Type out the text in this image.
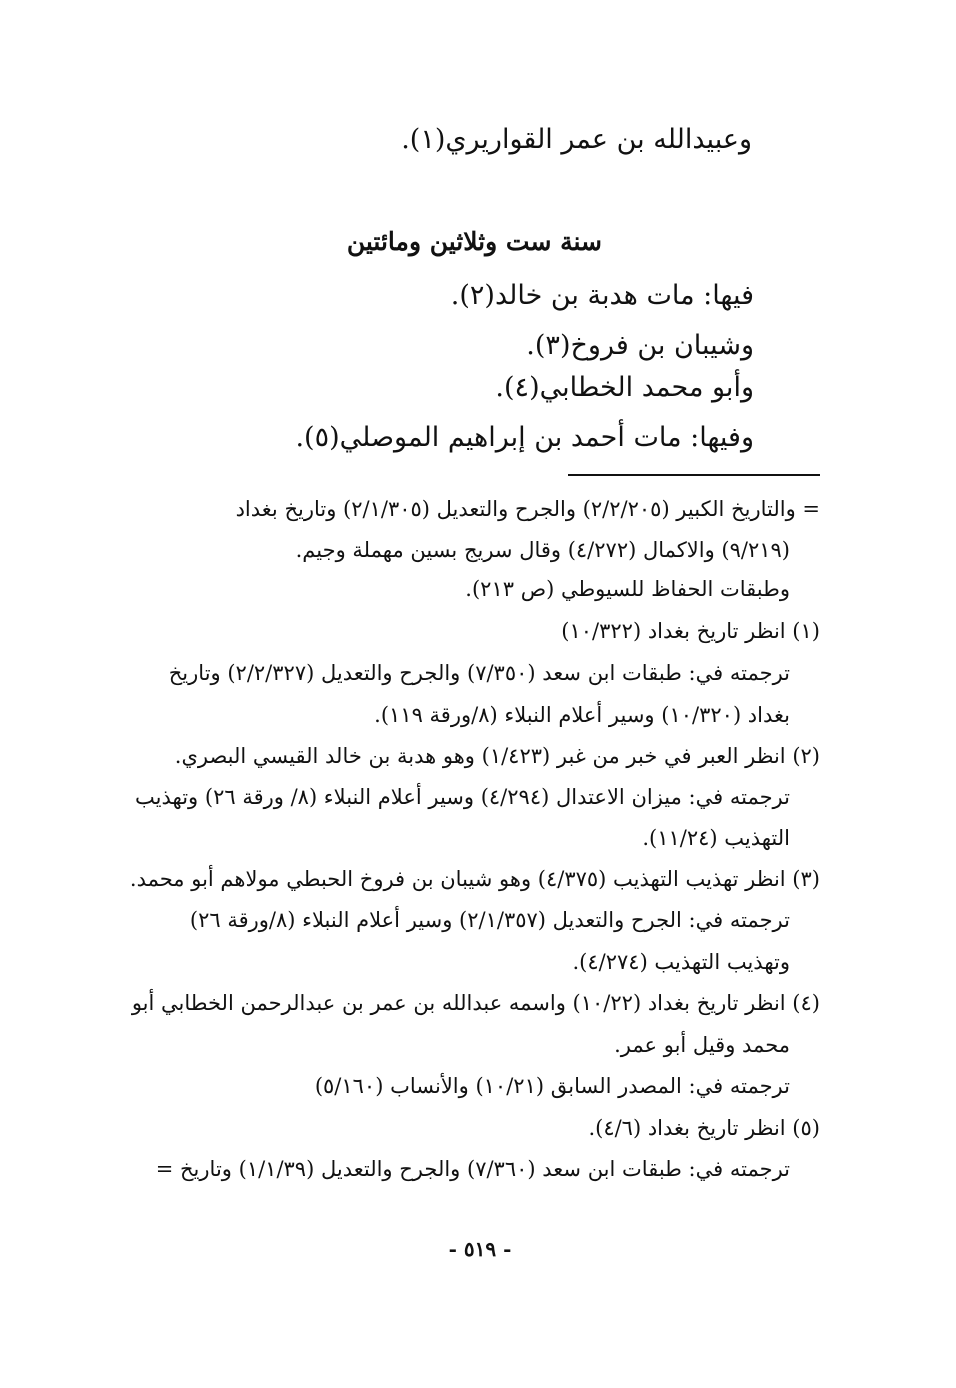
وعبيدالله بن عمر القواريري(١).
سنة ست وثلاثين ومائتين
فيها: مات هدبة بن خالد(٢).
وشيبان بن فروخ(٣).
وأبو محمد الخطابي(٤).
وفيها: مات أحمد بن إبراهيم الموصلي(٥).
= والتاريخ الكبير (٢/٢/٢٠٥) والجرح والتعديل (٢/١/٣٠٥) وتاريخ بغداد
(٩/٢١٩) والاكمال (٤/٢٧٢) وقال سريج بسين مهملة وجيم.
وطبقات الحفاظ للسيوطي (ص ٢١٣).
(١) انظر تاريخ بغداد (١٠/٣٢٢)
ترجمته في: طبقات ابن سعد (٧/٣٥٠) والجرح والتعديل (٢/٢/٣٢٧) وتاريخ
بغداد (١٠/٣٢٠) وسير أعلام النبلاء (٨/ورقة ١١٩).
(٢) انظر العبر في خبر من غبر (١/٤٢٣) وهو هدبة بن خالد القيسي البصري.
ترجمته في: ميزان الاعتدال (٤/٢٩٤) وسير أعلام النبلاء (٨/ ورقة ٢٦) وتهذيب
التهذيب (١١/٢٤).
(٣) انظر تهذيب التهذيب (٤/٣٧٥) وهو شيبان بن فروخ الحبطي مولاهم أبو محمد.
ترجمته في: الجرح والتعديل (٢/١/٣٥٧) وسير أعلام النبلاء (٨/ورقة ٢٦)
وتهذيب التهذيب (٤/٢٧٤).
(٤) انظر تاريخ بغداد (١٠/٢٢) واسمه عبدالله بن عمر بن عبدالرحمن الخطابي أبو
محمد وقيل أبو عمر.
ترجمته في: المصدر السابق (١٠/٢١) والأنساب (٥/١٦٠)
(٥) انظر تاريخ بغداد (٤/٦).
ترجمته في: طبقات ابن سعد (٧/٣٦٠) والجرح والتعديل (١/١/٣٩) وتاريخ =
- ٥١٩ -
